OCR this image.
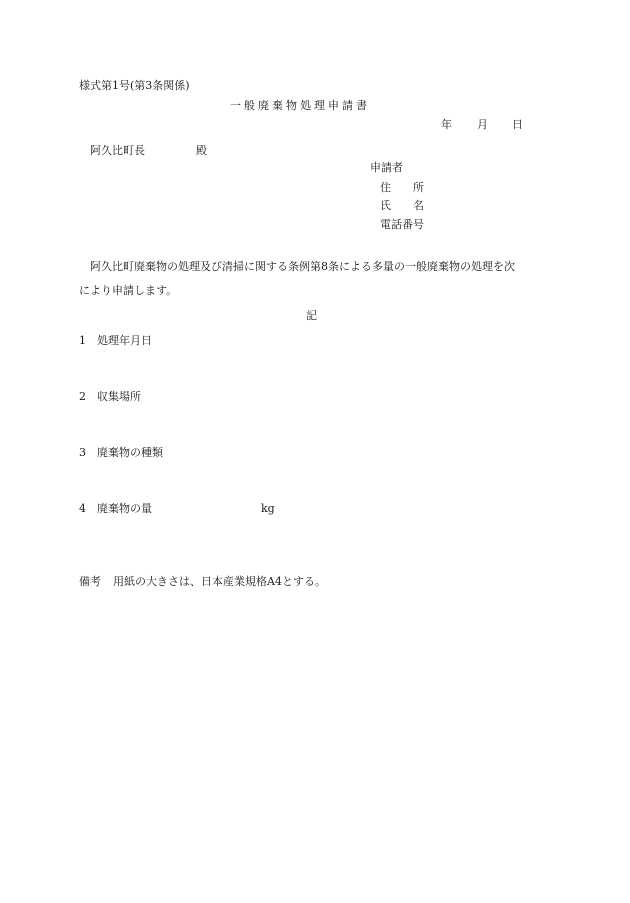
様式第1号(第3条関係)
一般廃棄物処理申請書
年 月 日
阿久比町長	殿
申請者
住　　所
氏　　名
電話番号
阿久比町廃棄物の処理及び清掃に関する条例第8条による多量の一般廃棄物の処理を次
により申請します。
記
1 処理年月日
2 収集場所
3 廃棄物の種類
4 廃棄物の量	kg
備考 用紙の大きさは、日本産業規格A4とする。
